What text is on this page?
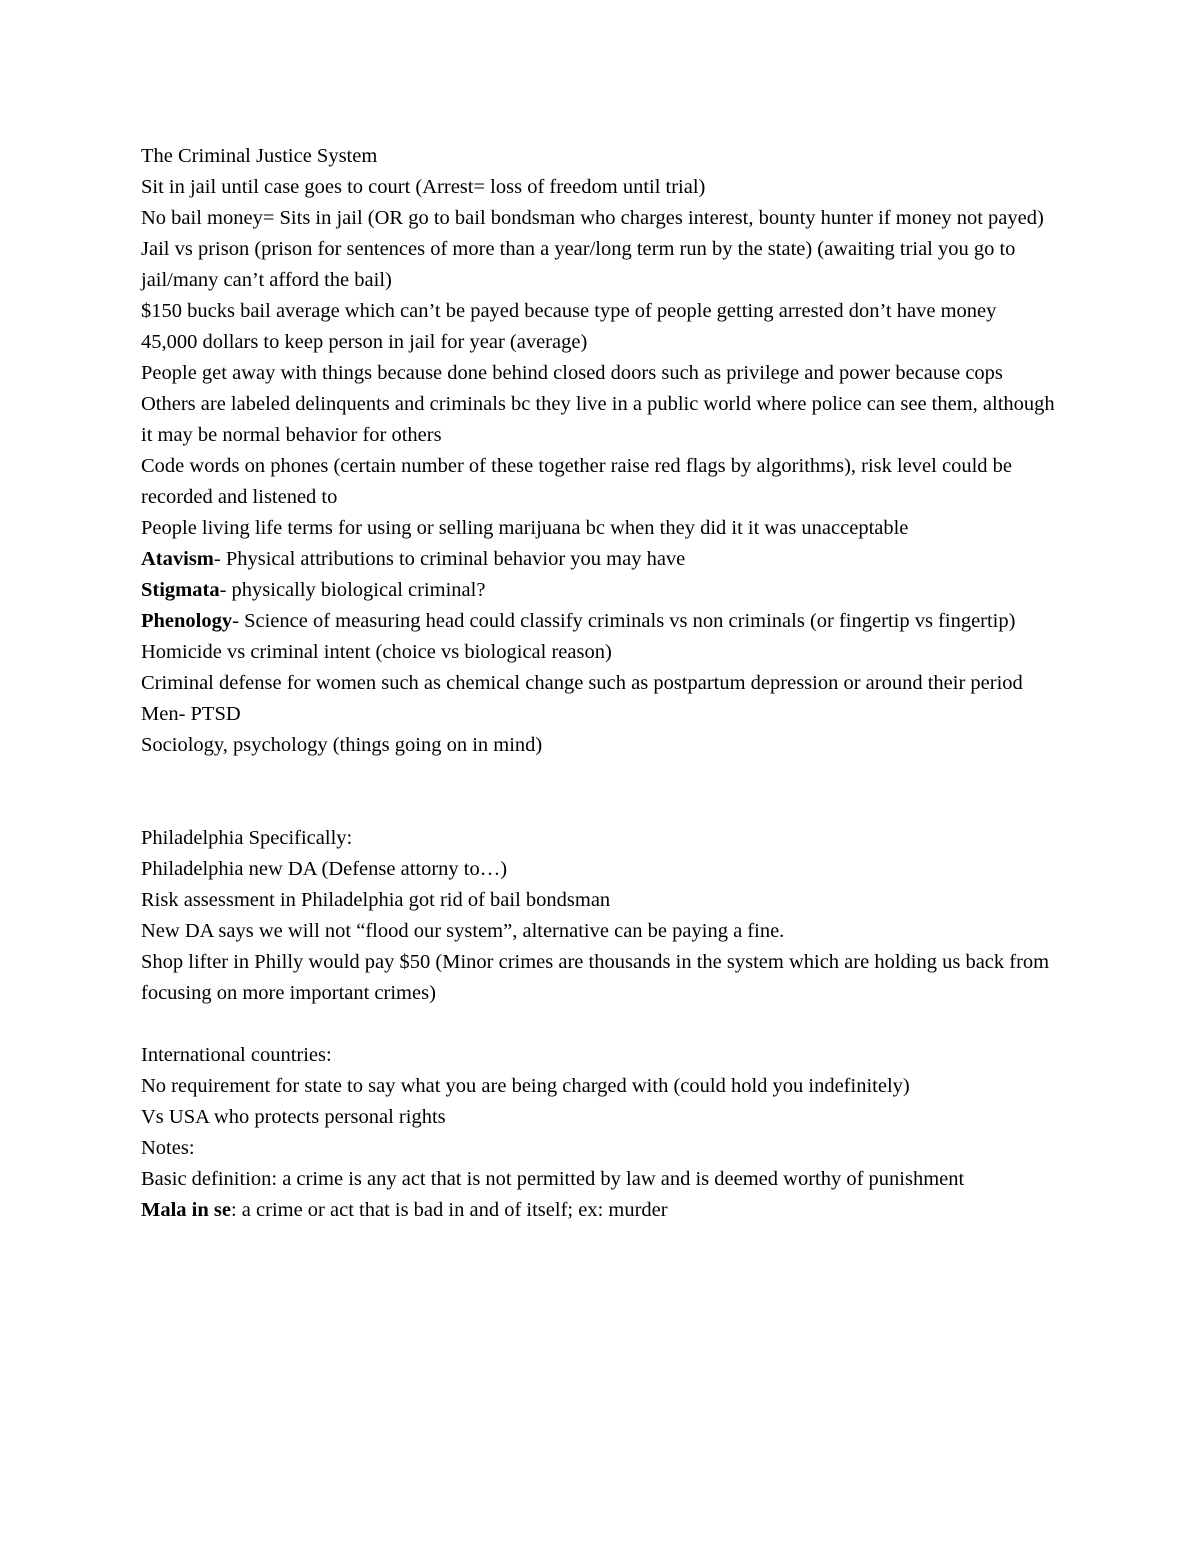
The Criminal Justice System

Sit in jail until case goes to court (Arrest= loss of freedom until trial)

No bail money= Sits in jail (OR go to bail bondsman who charges interest, bounty hunter if money not payed)

Jail vs prison (prison for sentences of more than a year/long term run by the state) (awaiting trial you go to jail/many can’t afford the bail)

$150 bucks bail average which can’t be payed because type of people getting arrested don’t have money

45,000 dollars to keep person in jail for year (average)

People get away with things because done behind closed doors such as privilege and power because cops

Others are labeled delinquents and criminals bc they live in a public world where police can see them, although it may be normal behavior for others

Code words on phones (certain number of these together raise red flags by algorithms), risk level could be recorded and listened to

People living life terms for using or selling marijuana bc when they did it it was unacceptable

Atavism- Physical attributions to criminal behavior you may have

Stigmata- physically biological criminal?

Phenology- Science of measuring head could classify criminals vs non criminals (or fingertip vs fingertip)

Homicide vs criminal intent (choice vs biological reason)

Criminal defense for women such as chemical change such as postpartum depression or around their period

Men- PTSD

Sociology, psychology (things going on in mind)

Philadelphia Specifically:

Philadelphia new DA (Defense attorny to…)

Risk assessment in Philadelphia got rid of bail bondsman

New DA says we will not “flood our system”, alternative can be paying a fine.

Shop lifter in Philly would pay $50 (Minor crimes are thousands in the system which are holding us back from focusing on more important crimes)

International countries:

No requirement for state to say what you are being charged with (could hold you indefinitely)

Vs USA who protects personal rights

Notes:

Basic definition: a crime is any act that is not permitted by law and is deemed worthy of punishment

Mala in se: a crime or act that is bad in and of itself; ex: murder
